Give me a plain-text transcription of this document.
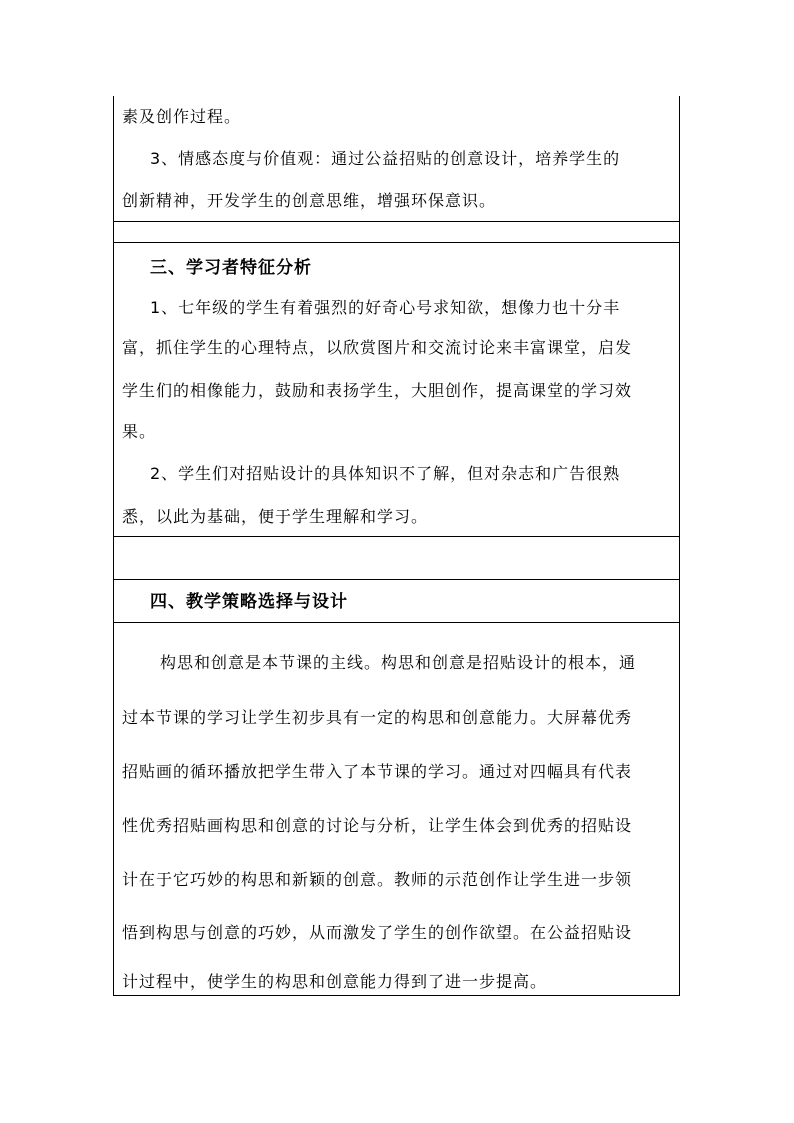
素及创作过程。
3、情感态度与价值观：通过公益招贴的创意设计，培养学生的
创新精神，开发学生的创意思维，增强环保意识。
三、学习者特征分析
1、七年级的学生有着强烈的好奇心号求知欲，想像力也十分丰
富，抓住学生的心理特点，以欣赏图片和交流讨论来丰富课堂，启发
学生们的相像能力，鼓励和表扬学生，大胆创作，提高课堂的学习效
果。
2、学生们对招贴设计的具体知识不了解，但对杂志和广告很熟
悉，以此为基础，便于学生理解和学习。
四、教学策略选择与设计
构思和创意是本节课的主线。构思和创意是招贴设计的根本，通
过本节课的学习让学生初步具有一定的构思和创意能力。大屏幕优秀
招贴画的循环播放把学生带入了本节课的学习。通过对四幅具有代表
性优秀招贴画构思和创意的讨论与分析，让学生体会到优秀的招贴设
计在于它巧妙的构思和新颖的创意。教师的示范创作让学生进一步领
悟到构思与创意的巧妙，从而激发了学生的创作欲望。在公益招贴设
计过程中，使学生的构思和创意能力得到了进一步提高。
